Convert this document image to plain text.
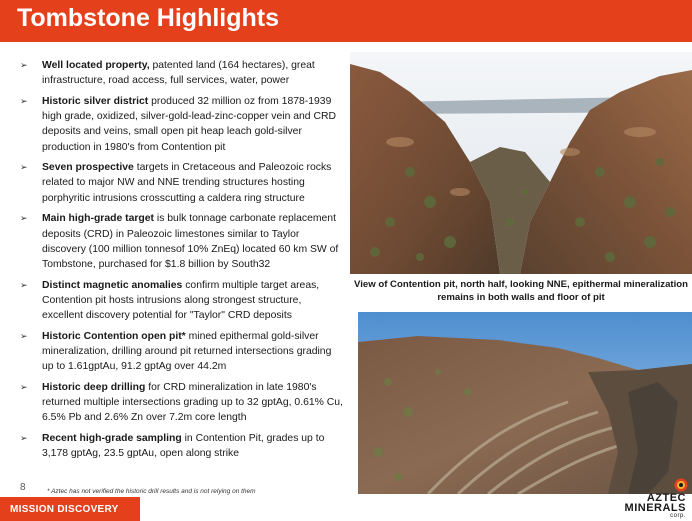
Tombstone Highlights
➢ Well located property, patented land (164 hectares), great infrastructure, road access, full services, water, power
➢ Historic silver district produced 32 million oz from 1878-1939 high grade, oxidized, silver-gold-lead-zinc-copper vein and CRD deposits and veins, small open pit heap leach gold-silver production in 1980's from Contention pit
➢ Seven prospective targets in Cretaceous and Paleozoic rocks related to major NW and NNE trending structures hosting porphyritic intrusions crosscutting a caldera ring structure
➢ Main high-grade target is bulk tonnage carbonate replacement deposits (CRD) in Paleozoic limestones similar to Taylor discovery (100 million tonnesof 10% ZnEq) located 60 km SW of Tombstone, purchased for $1.8 billion by South32
➢ Distinct magnetic anomalies confirm multiple target areas, Contention pit hosts intrusions along strongest structure, excellent discovery potential for "Taylor" CRD deposits
➢ Historic Contention open pit* mined epithermal gold-silver mineralization, drilling around pit returned intersections grading up to 1.61gptAu, 91.2 gptAg over 44.2m
➢ Historic deep drilling for CRD mineralization in late 1980's returned multiple intersections grading up to 32 gptAg, 0.61% Cu, 6.5% Pb and 2.6% Zn over 7.2m core length
➢ Recent high-grade sampling in Contention Pit, grades up to 3,178 gptAg, 23.5 gptAu, open along strike
8	* Aztec has not verified the historic drill results and is not relying on them
MISSION DISCOVERY
View of Contention pit, north half, looking NNE, epithermal mineralization remains in both walls and floor of pit
AZTEC
MINERALS
corp.
